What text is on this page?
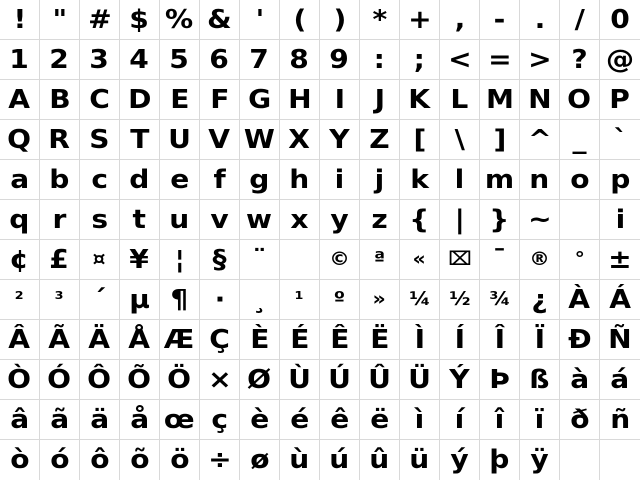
! " # $ % & ' ( ) * + , - . / 0
1 2 3 4 5 6 7 8 9 : ; < = > ? @
A B C D E F G H I J K L M N O P
Q R S T U V W X Y Z [ \ ] ^ _ `
a b c d e f g h i j k l m n o p
q r s t u v w x y z { | } ~ i
¢ £ ¤ ¥ ¦ § ¨	© ª « ⌧ ¯ ® ° ±
² ³ ´ µ ¶ · ¸ ¹ º » ¼ ½ ¾ ¿ À Á
Â Ã Ä Å Æ Ç È É Ê Ë Ì Í Î Ï Ð Ñ
Ò Ó Ô Õ Ö × Ø Ù Ú Û Ü Ý Þ ß à á
â ã ä å œ ç è é ê ë ì í î ï ð ñ
ò ó ô õ ö ÷ ø ù ú û ü ý þ ÿ
